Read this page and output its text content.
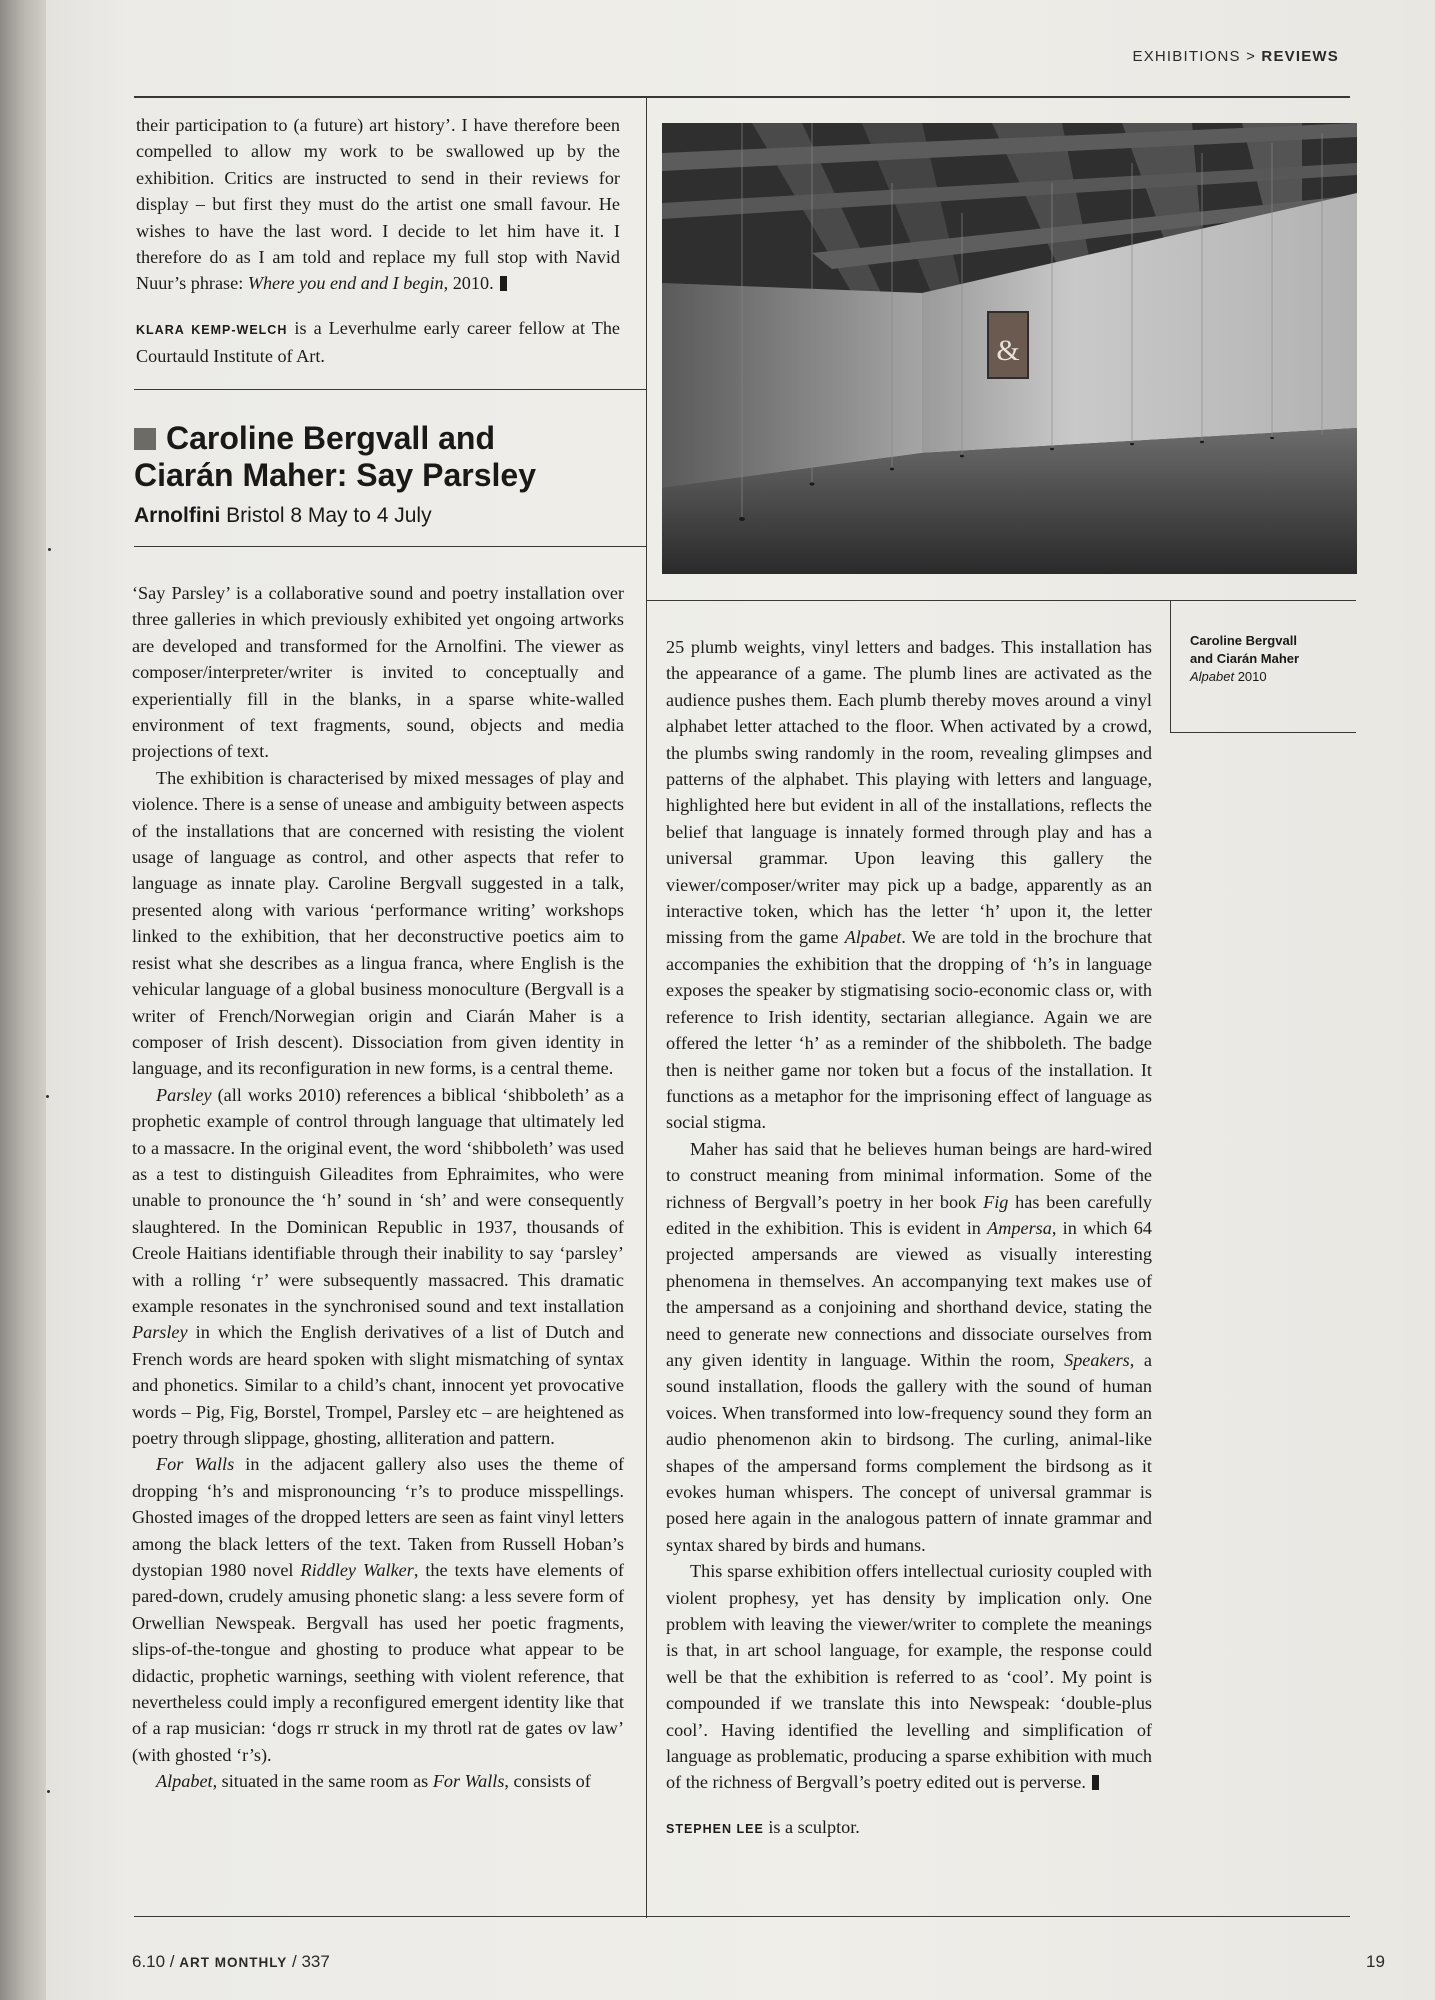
EXHIBITIONS > REVIEWS

their participation to (a future) art history’. I have therefore been compelled to allow my work to be swallowed up by the exhibition. Critics are instructed to send in their reviews for display – but first they must do the artist one small favour. He wishes to have the last word. I decide to let him have it. I therefore do as I am told and replace my full stop with Navid Nuur’s phrase: Where you end and I begin, 2010.

KLARA KEMP-WELCH is a Leverhulme early career fellow at The Courtauld Institute of Art.

Caroline Bergvall and
Ciarán Maher: Say Parsley
Arnolfini Bristol 8 May to 4 July

‘Say Parsley’ is a collaborative sound and poetry installation over three galleries in which previously exhibited yet ongoing artworks are developed and transformed for the Arnolfini. The viewer as composer/interpreter/writer is invited to conceptually and experientially fill in the blanks, in a sparse white-walled environment of text fragments, sound, objects and media projections of text.

The exhibition is characterised by mixed messages of play and violence. There is a sense of unease and ambiguity between aspects of the installations that are concerned with resisting the violent usage of language as control, and other aspects that refer to language as innate play. Caroline Bergvall suggested in a talk, presented along with various ‘performance writing’ workshops linked to the exhibition, that her deconstructive poetics aim to resist what she describes as a lingua franca, where English is the vehicular language of a global business monoculture (Bergvall is a writer of French/Norwegian origin and Ciarán Maher is a composer of Irish descent). Dissociation from given identity in language, and its reconfiguration in new forms, is a central theme.

Parsley (all works 2010) references a biblical ‘shibboleth’ as a prophetic example of control through language that ultimately led to a massacre. In the original event, the word ‘shibboleth’ was used as a test to distinguish Gileadites from Ephraimites, who were unable to pronounce the ‘h’ sound in ‘sh’ and were consequently slaughtered. In the Dominican Republic in 1937, thousands of Creole Haitians identifiable through their inability to say ‘parsley’ with a rolling ‘r’ were subsequently massacred. This dramatic example resonates in the synchronised sound and text installation Parsley in which the English derivatives of a list of Dutch and French words are heard spoken with slight mismatching of syntax and phonetics. Similar to a child’s chant, innocent yet provocative words – Pig, Fig, Borstel, Trompel, Parsley etc – are heightened as poetry through slippage, ghosting, alliteration and pattern.

For Walls in the adjacent gallery also uses the theme of dropping ‘h’s and mispronouncing ‘r’s to produce misspellings. Ghosted images of the dropped letters are seen as faint vinyl letters among the black letters of the text. Taken from Russell Hoban’s dystopian 1980 novel Riddley Walker, the texts have elements of pared-down, crudely amusing phonetic slang: a less severe form of Orwellian Newspeak. Bergvall has used her poetic fragments, slips-of-the-tongue and ghosting to produce what appear to be didactic, prophetic warnings, seething with violent reference, that nevertheless could imply a reconfigured emergent identity like that of a rap musician: ‘dogs rr struck in my throtl rat de gates ov law’ (with ghosted ‘r’s).

Alpabet, situated in the same room as For Walls, consists of

&
Caroline Bergvall
and Ciarán Maher
Alpabet 2010

25 plumb weights, vinyl letters and badges. This installation has the appearance of a game. The plumb lines are activated as the audience pushes them. Each plumb thereby moves around a vinyl alphabet letter attached to the floor. When activated by a crowd, the plumbs swing randomly in the room, revealing glimpses and patterns of the alphabet. This playing with letters and language, highlighted here but evident in all of the installations, reflects the belief that language is innately formed through play and has a universal grammar. Upon leaving this gallery the viewer/composer/writer may pick up a badge, apparently as an interactive token, which has the letter ‘h’ upon it, the letter missing from the game Alpabet. We are told in the brochure that accompanies the exhibition that the dropping of ‘h’s in language exposes the speaker by stigmatising socio-economic class or, with reference to Irish identity, sectarian allegiance. Again we are offered the letter ‘h’ as a reminder of the shibboleth. The badge then is neither game nor token but a focus of the installation. It functions as a metaphor for the imprisoning effect of language as social stigma.

Maher has said that he believes human beings are hard-wired to construct meaning from minimal information. Some of the richness of Bergvall’s poetry in her book Fig has been carefully edited in the exhibition. This is evident in Ampersa, in which 64 projected ampersands are viewed as visually interesting phenomena in themselves. An accompanying text makes use of the ampersand as a conjoining and shorthand device, stating the need to generate new connections and dissociate ourselves from any given identity in language. Within the room, Speakers, a sound installation, floods the gallery with the sound of human voices. When transformed into low-frequency sound they form an audio phenomenon akin to birdsong. The curling, animal-like shapes of the ampersand forms complement the birdsong as it evokes human whispers. The concept of universal grammar is posed here again in the analogous pattern of innate grammar and syntax shared by birds and humans.

This sparse exhibition offers intellectual curiosity coupled with violent prophesy, yet has density by implication only. One problem with leaving the viewer/writer to complete the meanings is that, in art school language, for example, the response could well be that the exhibition is referred to as ‘cool’. My point is compounded if we translate this into Newspeak: ‘double-plus cool’. Having identified the levelling and simplification of language as problematic, producing a sparse exhibition with much of the richness of Bergvall’s poetry edited out is perverse.

STEPHEN LEE is a sculptor.

6.10 / ART MONTHLY / 337	19
